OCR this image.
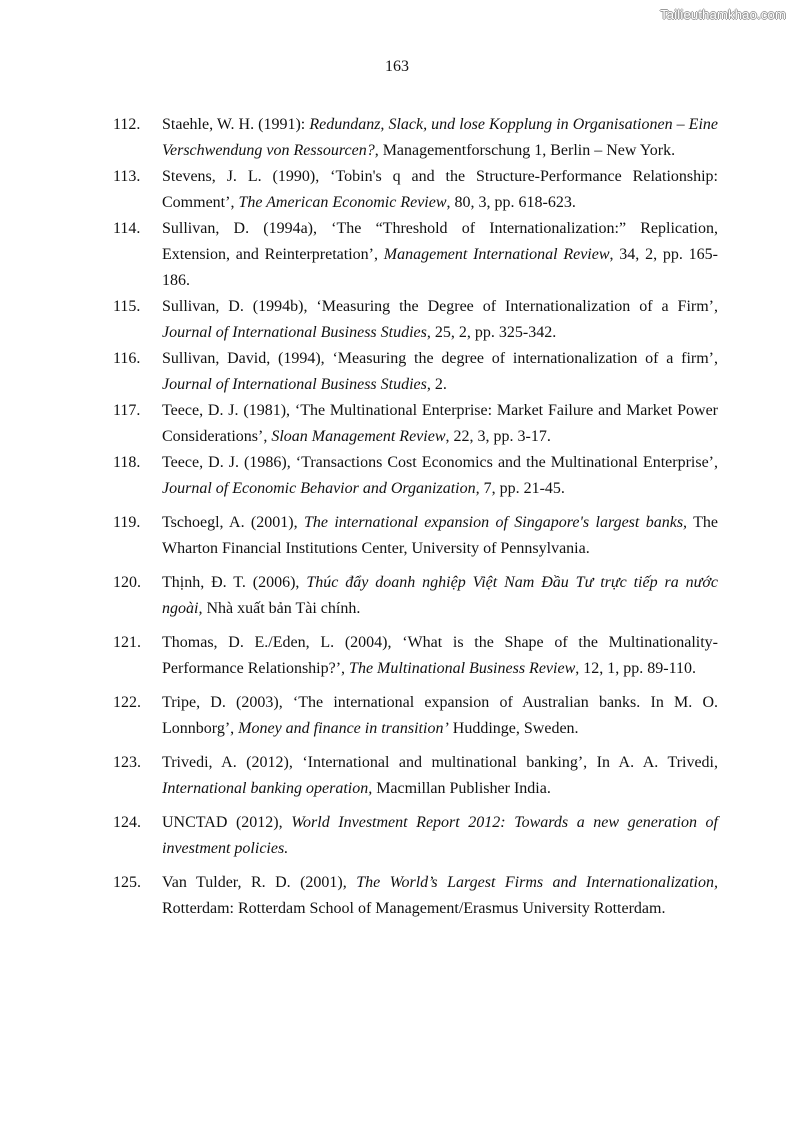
Tailieuthamkhao.com
163
112. Staehle, W. H. (1991): Redundanz, Slack, und lose Kopplung in Organisationen – Eine Verschwendung von Ressourcen?, Managementforschung 1, Berlin – New York.
113. Stevens, J. L. (1990), ‘Tobin's q and the Structure-Performance Relationship: Comment’, The American Economic Review, 80, 3, pp. 618-623.
114. Sullivan, D. (1994a), ‘The “Threshold of Internationalization:” Replication, Extension, and Reinterpretation’, Management International Review, 34, 2, pp. 165-186.
115. Sullivan, D. (1994b), ‘Measuring the Degree of Internationalization of a Firm’, Journal of International Business Studies, 25, 2, pp. 325-342.
116. Sullivan, David, (1994), ‘Measuring the degree of internationalization of a firm’, Journal of International Business Studies, 2.
117. Teece, D. J. (1981), ‘The Multinational Enterprise: Market Failure and Market Power Considerations’, Sloan Management Review, 22, 3, pp. 3-17.
118. Teece, D. J. (1986), ‘Transactions Cost Economics and the Multinational Enterprise’, Journal of Economic Behavior and Organization, 7, pp. 21-45.
119. Tschoegl, A. (2001), The international expansion of Singapore's largest banks, The Wharton Financial Institutions Center, University of Pennsylvania.
120. Thịnh, Đ. T. (2006), Thúc đẩy doanh nghiệp Việt Nam Đầu Tư trực tiếp ra nước ngoài, Nhà xuất bản Tài chính.
121. Thomas, D. E./Eden, L. (2004), ‘What is the Shape of the Multinationality-Performance Relationship?’, The Multinational Business Review, 12, 1, pp. 89-110.
122. Tripe, D. (2003), ‘The international expansion of Australian banks. In M. O. Lonnborg’, Money and finance in transition’ Huddinge, Sweden.
123. Trivedi, A. (2012), ‘International and multinational banking’, In A. A. Trivedi, International banking operation, Macmillan Publisher India.
124. UNCTAD (2012), World Investment Report 2012: Towards a new generation of investment policies.
125. Van Tulder, R. D. (2001), The World’s Largest Firms and Internationalization, Rotterdam: Rotterdam School of Management/Erasmus University Rotterdam.
